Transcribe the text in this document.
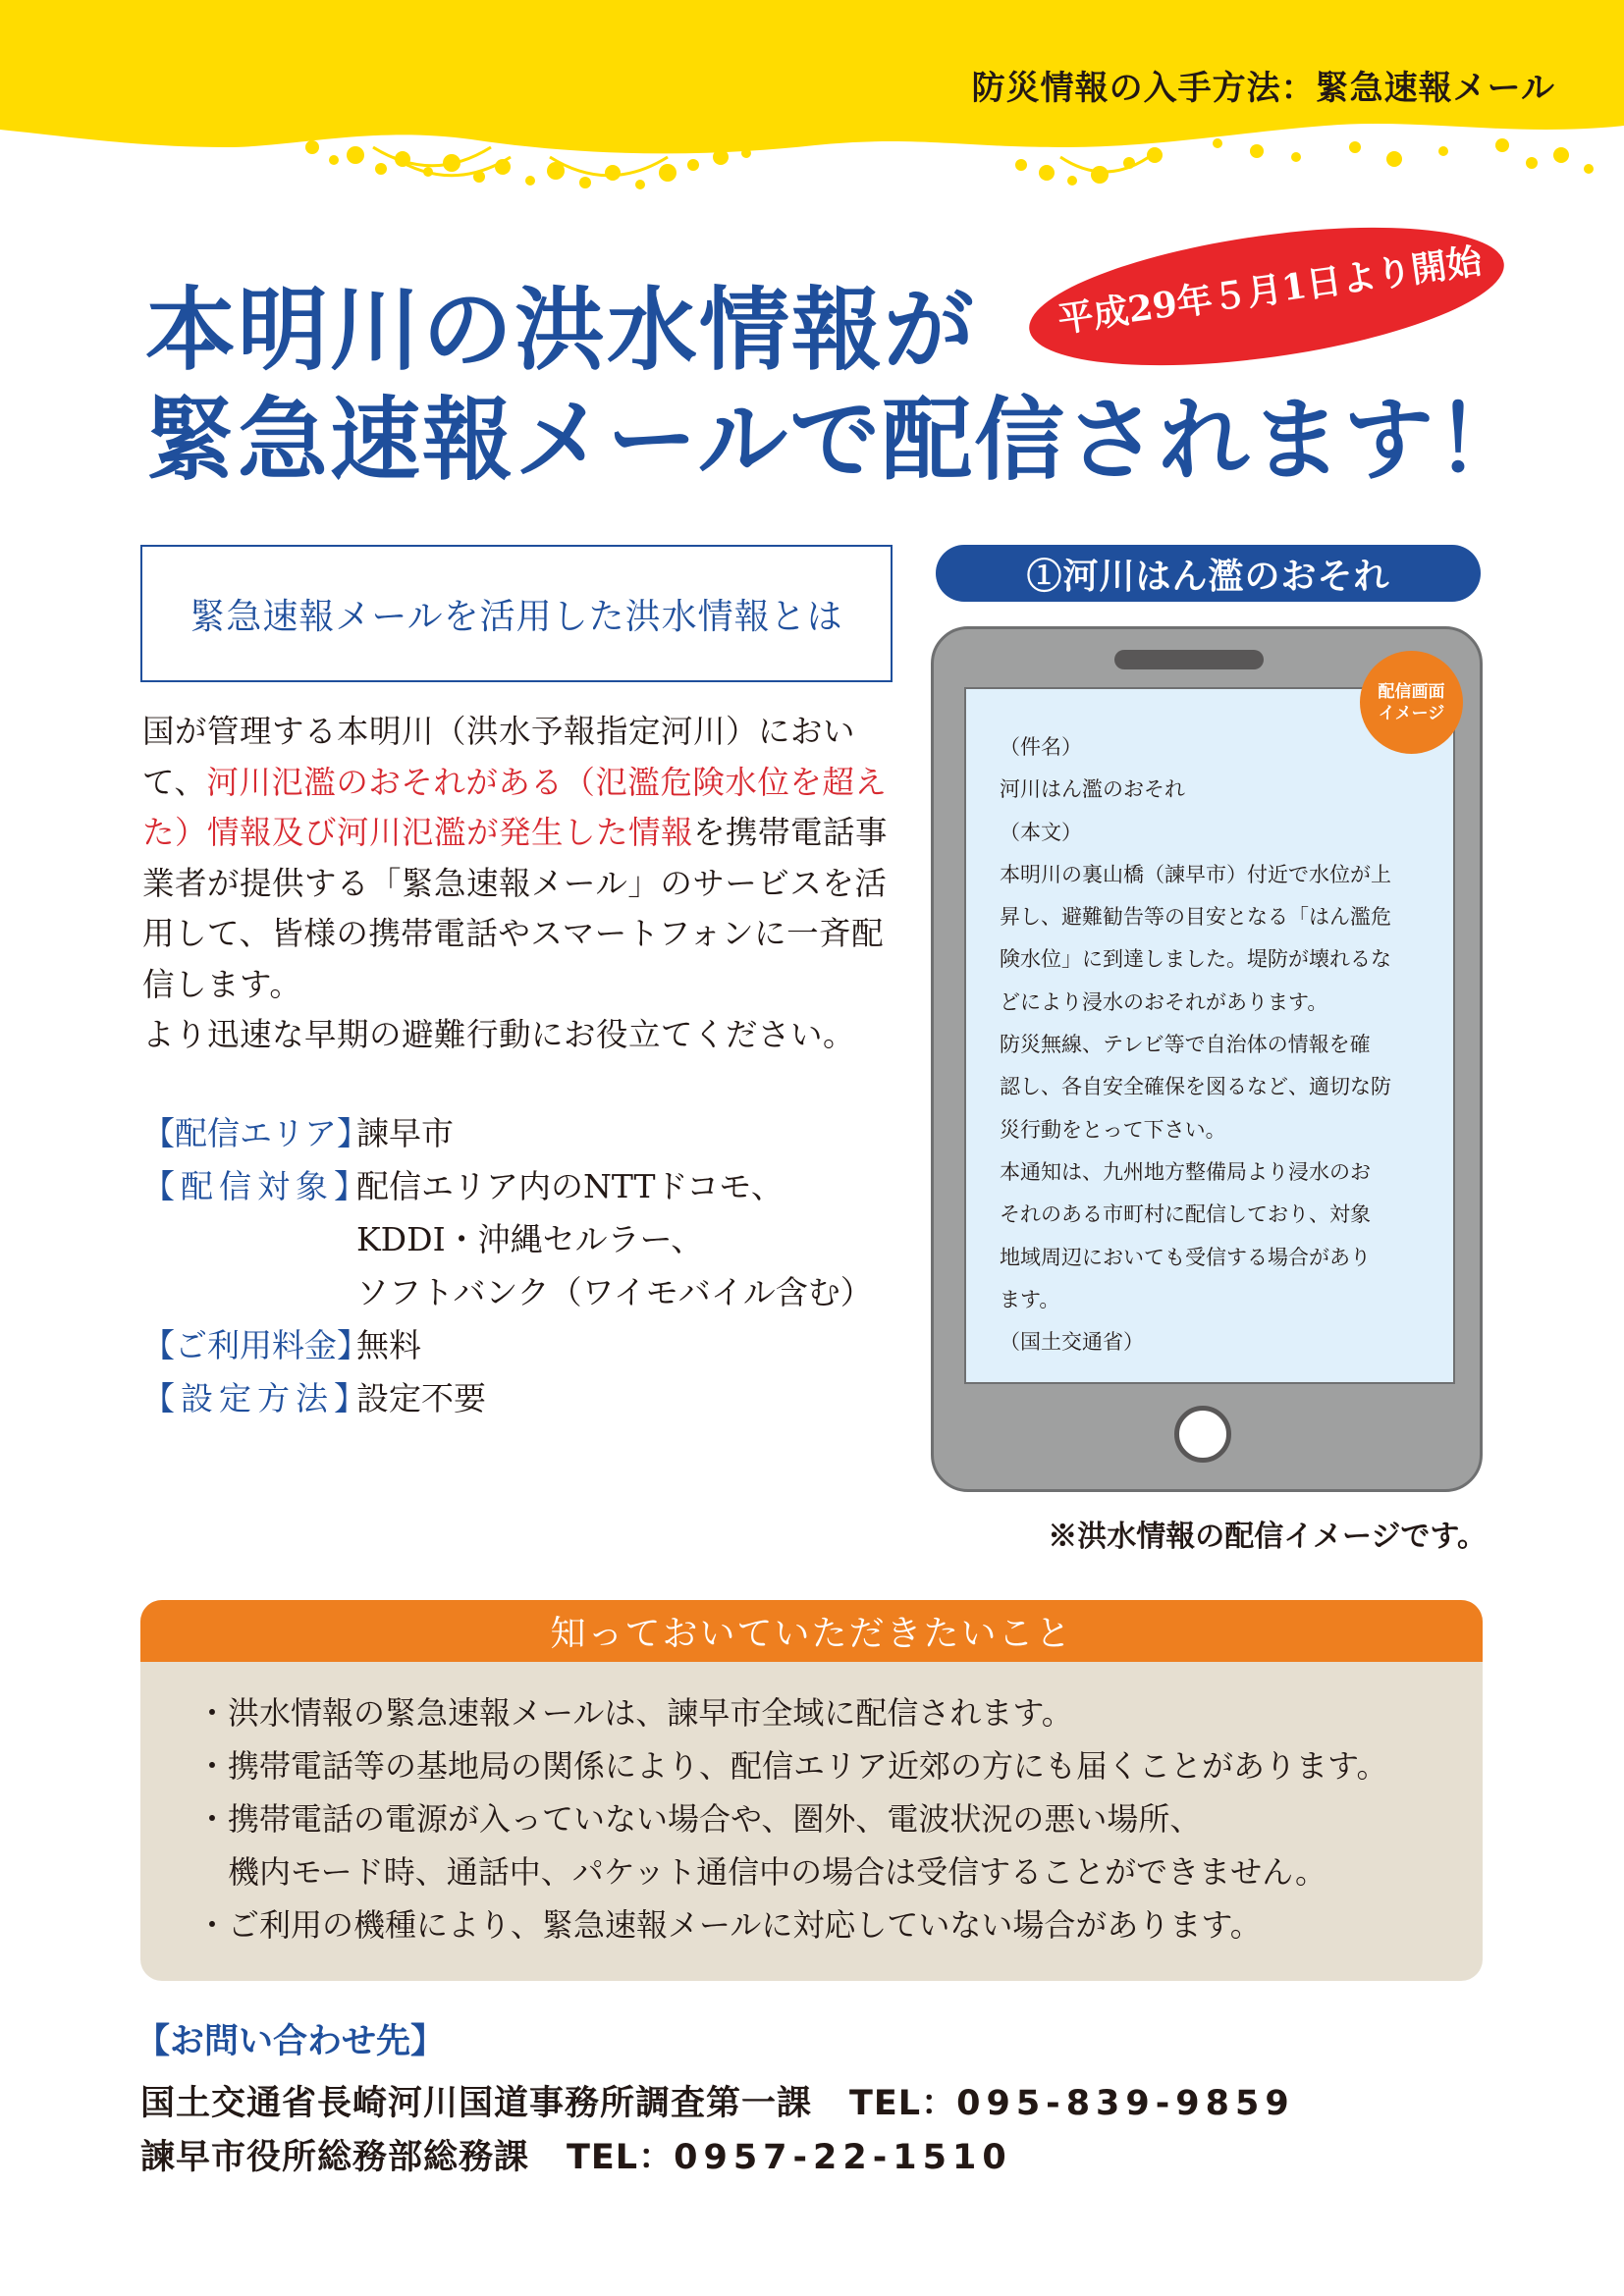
防災情報の入手方法：緊急速報メール
本明川の洪水情報が
緊急速報メールで配信されます！
平成29年５月1日より開始
緊急速報メールを活用した洪水情報とは

国が管理する本明川（洪水予報指定河川）において、河川氾濫のおそれがある（氾濫危険水位を超えた）情報及び河川氾濫が発生した情報を携帯電話事業者が提供する「緊急速報メール」のサービスを活用して、皆様の携帯電話やスマートフォンに一斉配信します。

より迅速な早期の避難行動にお役立てください。

【配信エリア】
諫早市
【配信対象】
配信エリア内のNTTドコモ、
KDDI・沖縄セルラー、
ソフトバンク（ワイモバイル含む）
【ご利用料金】
無料
【設定方法】
設定不要
①河川はん濫のおそれ
（件名）
河川はん濫のおそれ
（本文）
本明川の裏山橋（諫早市）付近で水位が上
昇し、避難勧告等の目安となる「はん濫危
険水位」に到達しました。堤防が壊れるな
どにより浸水のおそれがあります。
防災無線、テレビ等で自治体の情報を確
認し、各自安全確保を図るなど、適切な防
災行動をとって下さい。
本通知は、九州地方整備局より浸水のお
それのある市町村に配信しており、対象
地域周辺においても受信する場合があり
ます。
（国土交通省）
配信画面
イメージ
※洪水情報の配信イメージです。
知っておいていただきたいこと
・洪水情報の緊急速報メールは、諫早市全域に配信されます。
・携帯電話等の基地局の関係により、配信エリア近郊の方にも届くことがあります。
・携帯電話の電源が入っていない場合や、圏外、電波状況の悪い場所、
　機内モード時、通話中、パケット通信中の場合は受信することができません。
・ご利用の機種により、緊急速報メールに対応していない場合があります。
【お問い合わせ先】
国土交通省長崎河川国道事務所調査第一課 TEL：095-839-9859
諫早市役所総務部総務課 TEL：0957-22-1510
